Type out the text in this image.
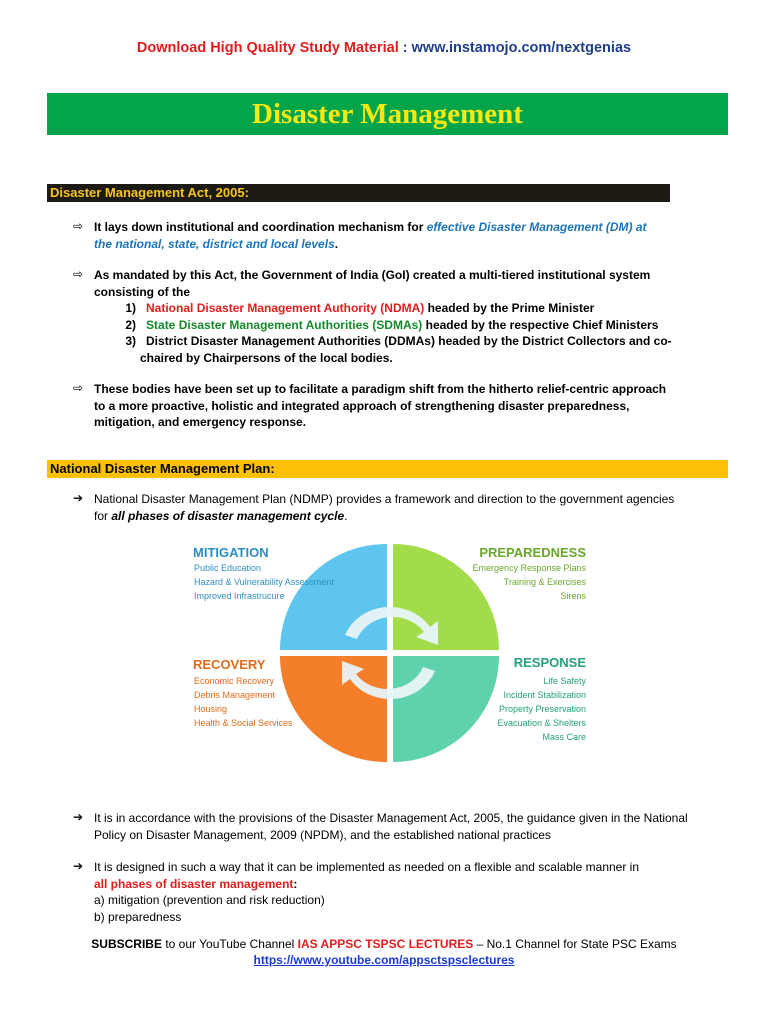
Download High Quality Study Material : www.instamojo.com/nextgenias
Disaster Management
Disaster Management Act, 2005:
⇨ It lays down institutional and coordination mechanism for effective Disaster Management (DM) at
the national, state, district and local levels.
⇨ As mandated by this Act, the Government of India (GoI) created a multi-tiered institutional system
consisting of the
1) National Disaster Management Authority (NDMA) headed by the Prime Minister
2) State Disaster Management Authorities (SDMAs) headed by the respective Chief Ministers
3) District Disaster Management Authorities (DDMAs) headed by the District Collectors and co-
chaired by Chairpersons of the local bodies.
⇨ These bodies have been set up to facilitate a paradigm shift from the hitherto relief-centric approach
to a more proactive, holistic and integrated approach of strengthening disaster preparedness,
mitigation, and emergency response.
National Disaster Management Plan:
➔ National Disaster Management Plan (NDMP) provides a framework and direction to the government agencies
for all phases of disaster management cycle.
MITIGATION
Public Education
Hazard & Vulnerability Assessment
Improved Infrastrucure
PREPAREDNESS
Emergency Response Plans
Training & Exercises
Sirens
RECOVERY
Economic Recovery
Debris Management
Housing
Health & Social Services
RESPONSE
Life Safety
Incident Stabilization
Property Preservation
Evacuation & Shelters
Mass Care
➔ It is in accordance with the provisions of the Disaster Management Act, 2005, the guidance given in the National
Policy on Disaster Management, 2009 (NPDM), and the established national practices
➔ It is designed in such a way that it can be implemented as needed on a flexible and scalable manner in
all phases of disaster management:
a) mitigation (prevention and risk reduction)
b) preparedness
SUBSCRIBE to our YouTube Channel IAS APPSC TSPSC LECTURES – No.1 Channel for State PSC Exams
https://www.youtube.com/appsctspsclectures
